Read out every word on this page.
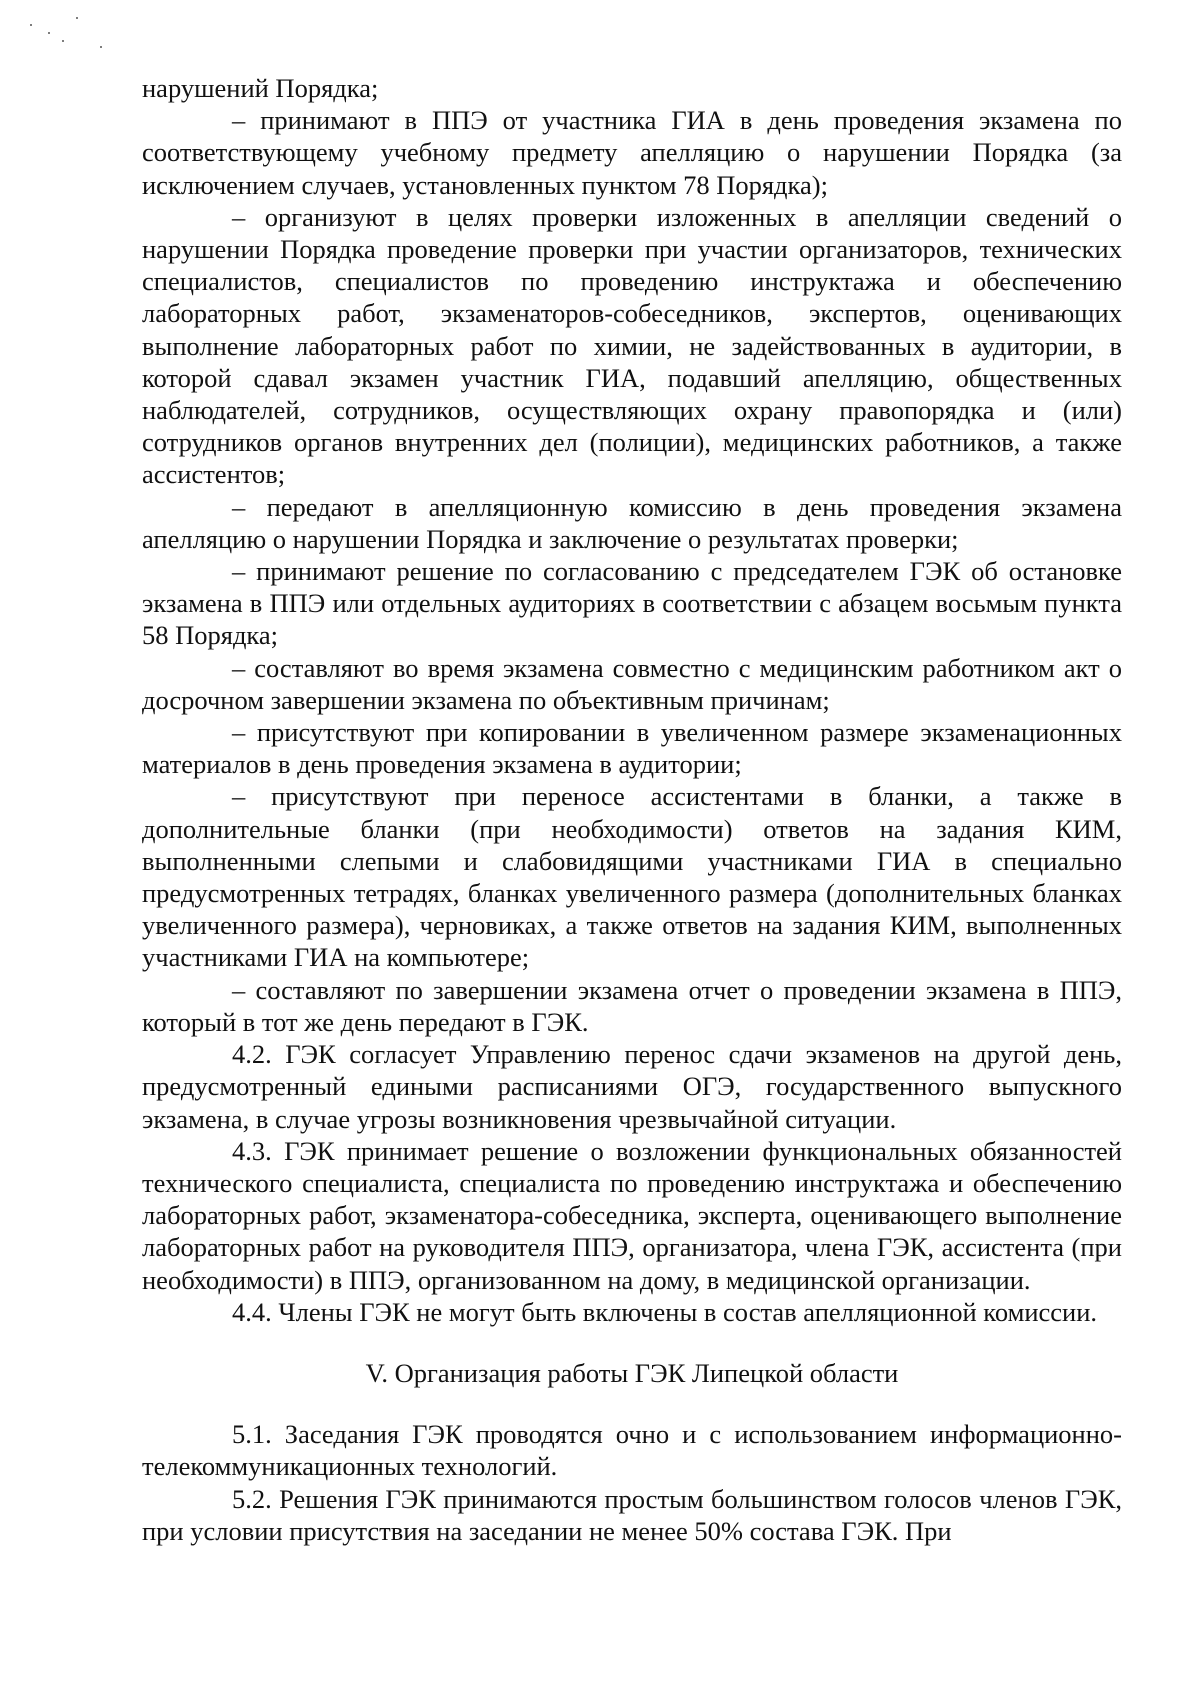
нарушений Порядка;

– принимают в ППЭ от участника ГИА в день проведения экзамена по соответствующему учебному предмету апелляцию о нарушении Порядка (за исключением случаев, установленных пунктом 78 Порядка);

– организуют в целях проверки изложенных в апелляции сведений о нарушении Порядка проведение проверки при участии организаторов, технических специалистов, специалистов по проведению инструктажа и обеспечению лабораторных работ, экзаменаторов-собеседников, экспертов, оценивающих выполнение лабораторных работ по химии, не задействованных в аудитории, в которой сдавал экзамен участник ГИА, подавший апелляцию, общественных наблюдателей, сотрудников, осуществляющих охрану правопорядка и (или) сотрудников органов внутренних дел (полиции), медицинских работников, а также ассистентов;

– передают в апелляционную комиссию в день проведения экзамена апелляцию о нарушении Порядка и заключение о результатах проверки;

– принимают решение по согласованию с председателем ГЭК об остановке экзамена в ППЭ или отдельных аудиториях в соответствии с абзацем восьмым пункта 58 Порядка;

– составляют во время экзамена совместно с медицинским работником акт о досрочном завершении экзамена по объективным причинам;

– присутствуют при копировании в увеличенном размере экзаменационных материалов в день проведения экзамена в аудитории;

– присутствуют при переносе ассистентами в бланки, а также в дополнительные бланки (при необходимости) ответов на задания КИМ, выполненными слепыми и слабовидящими участниками ГИА в специально предусмотренных тетрадях, бланках увеличенного размера (дополнительных бланках увеличенного размера), черновиках, а также ответов на задания КИМ, выполненных участниками ГИА на компьютере;

– составляют по завершении экзамена отчет о проведении экзамена в ППЭ, который в тот же день передают в ГЭК.

4.2. ГЭК согласует Управлению перенос сдачи экзаменов на другой день, предусмотренный едиными расписаниями ОГЭ, государственного выпускного экзамена, в случае угрозы возникновения чрезвычайной ситуации.

4.3. ГЭК принимает решение о возложении функциональных обязанностей технического специалиста, специалиста по проведению инструктажа и обеспечению лабораторных работ, экзаменатора-собеседника, эксперта, оценивающего выполнение лабораторных работ на руководителя ППЭ, организатора, члена ГЭК, ассистента (при необходимости) в ППЭ, организованном на дому, в медицинской организации.

4.4. Члены ГЭК не могут быть включены в состав апелляционной комиссии.

V. Организация работы ГЭК Липецкой области

5.1. Заседания ГЭК проводятся очно и с использованием информационно-телекоммуникационных технологий.

5.2. Решения ГЭК принимаются простым большинством голосов членов ГЭК, при условии присутствия на заседании не менее 50% состава ГЭК. При
